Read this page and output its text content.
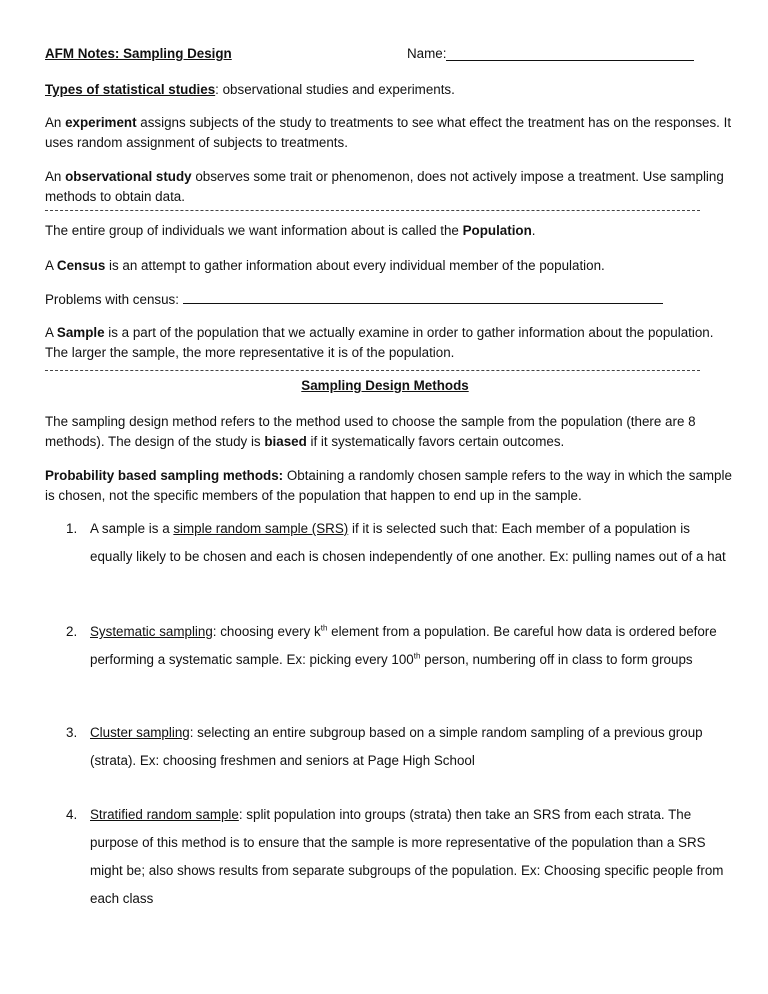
AFM Notes: Sampling Design	Name:
Types of statistical studies: observational studies and experiments.
An experiment assigns subjects of the study to treatments to see what effect the treatment has on the responses. It uses random assignment of subjects to treatments.
An observational study observes some trait or phenomenon, does not actively impose a treatment. Use sampling methods to obtain data.
The entire group of individuals we want information about is called the Population.
A Census is an attempt to gather information about every individual member of the population.
Problems with census:
A Sample is a part of the population that we actually examine in order to gather information about the population. The larger the sample, the more representative it is of the population.
Sampling Design Methods
The sampling design method refers to the method used to choose the sample from the population (there are 8 methods). The design of the study is biased if it systematically favors certain outcomes.
Probability based sampling methods: Obtaining a randomly chosen sample refers to the way in which the sample is chosen, not the specific members of the population that happen to end up in the sample.
1. A sample is a simple random sample (SRS) if it is selected such that: Each member of a population is equally likely to be chosen and each is chosen independently of one another. Ex: pulling names out of a hat
2. Systematic sampling: choosing every $k^{th}$ element from a population. Be careful how data is ordered before performing a systematic sample. Ex: picking every 100th person, numbering off in class to form groups
3. Cluster sampling: selecting an entire subgroup based on a simple random sampling of a previous group (strata). Ex: choosing freshmen and seniors at Page High School
4. Stratified random sample: split population into groups (strata) then take an SRS from each strata. The purpose of this method is to ensure that the sample is more representative of the population than a SRS might be; also shows results from separate subgroups of the population. Ex: Choosing specific people from each class
